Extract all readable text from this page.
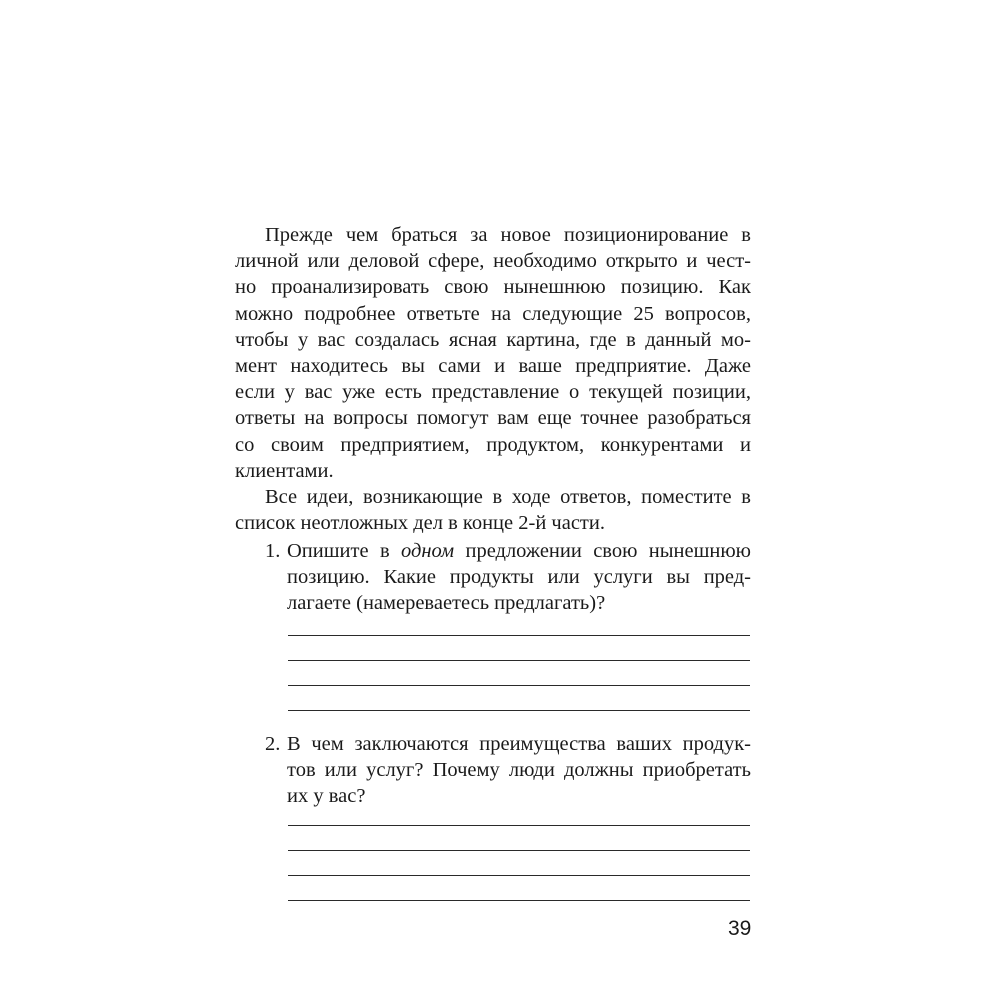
Прежде чем браться за новое позиционирование в
личной или деловой сфере, необходимо открыто и чест-
но проанализировать свою нынешнюю позицию. Как
можно подробнее ответьте на следующие 25 вопросов,
чтобы у вас создалась ясная картина, где в данный мо-
мент находитесь вы сами и ваше предприятие. Даже
если у вас уже есть представление о текущей позиции,
ответы на вопросы помогут вам еще точнее разобраться
со своим предприятием, продуктом, конкурентами и
клиентами.
Все идеи, возникающие в ходе ответов, поместите в
список неотложных дел в конце 2-й части.
1. Опишите в одном предложении свою нынешнюю
позицию. Какие продукты или услуги вы пред-
лагаете (намереваетесь предлагать)?
2. В чем заключаются преимущества ваших продук-
тов или услуг? Почему люди должны приобретать
их у вас?
39
